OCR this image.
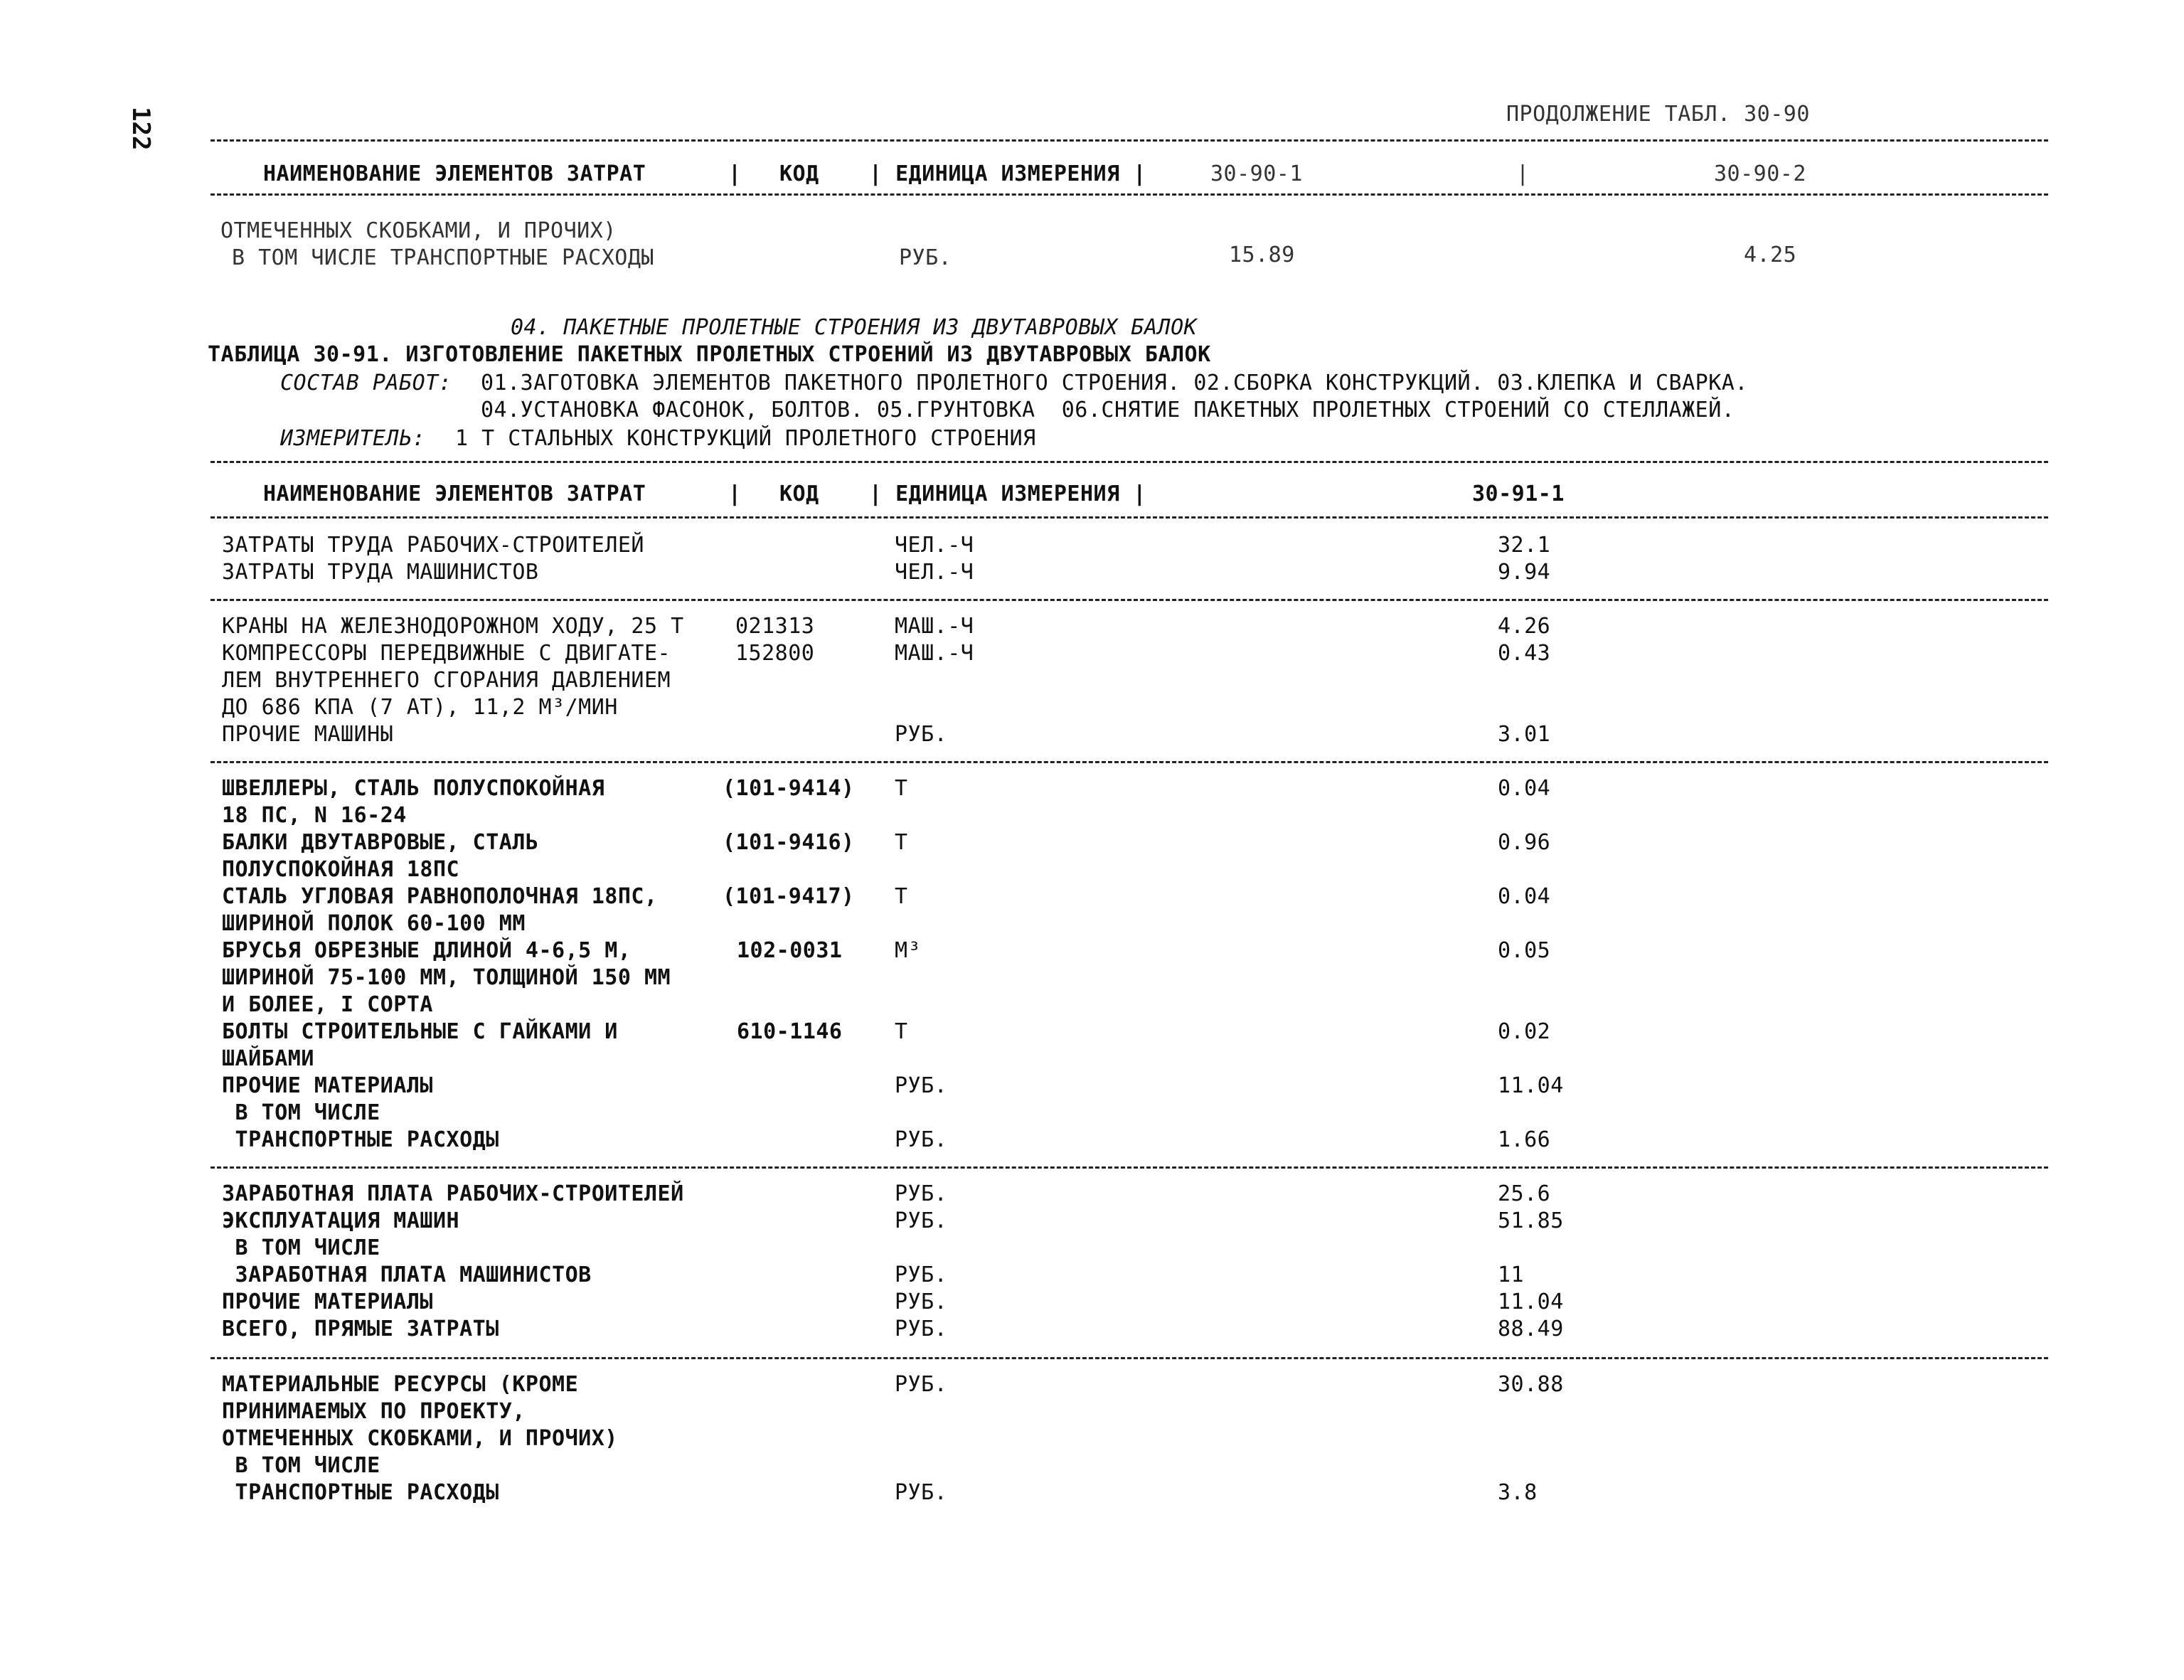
122	ПРОДОЛЖЕНИЕ ТАБЛ. 30-90
НАИМЕНОВАНИЕ ЭЛЕМЕНТОВ ЗАТРАТ	| КОД | ЕДИНИЦА ИЗМЕРЕНИЯ |	30-90-1	|	30-90-2
ОТМЕЧЕННЫХ СКОБКАМИ, И ПРОЧИХ)
В ТОМ ЧИСЛЕ ТРАНСПОРТНЫЕ РАСХОДЫ	РУБ.	15.89	4.25
04. ПАКЕТНЫЕ ПРОЛЕТНЫЕ СТРОЕНИЯ ИЗ ДВУТАВРОВЫХ БАЛОК
ТАБЛИЦА 30-91. ИЗГОТОВЛЕНИЕ ПАКЕТНЫХ ПРОЛЕТНЫХ СТРОЕНИЙ ИЗ ДВУТАВРОВЫХ БАЛОК
СОСТАВ РАБОТ: 01.ЗАГОТОВКА ЭЛЕМЕНТОВ ПАКЕТНОГО ПРОЛЕТНОГО СТРОЕНИЯ. 02.СБОРКА КОНСТРУКЦИЙ. 03.КЛЕПКА И СВАРКА.
04.УСТАНОВКА ФАСОНОК, БОЛТОВ. 05.ГРУНТОВКА  06.СНЯТИЕ ПАКЕТНЫХ ПРОЛЕТНЫХ СТРОЕНИЙ СО СТЕЛЛАЖЕЙ.
ИЗМЕРИТЕЛЬ: 1 Т СТАЛЬНЫХ КОНСТРУКЦИЙ ПРОЛЕТНОГО СТРОЕНИЯ
НАИМЕНОВАНИЕ ЭЛЕМЕНТОВ ЗАТРАТ	| КОД | ЕДИНИЦА ИЗМЕРЕНИЯ |	30-91-1
ЗАТРАТЫ ТРУДА РАБОЧИХ-СТРОИТЕЛЕЙ	ЧЕЛ.-Ч	32.1
ЗАТРАТЫ ТРУДА МАШИНИСТОВ	ЧЕЛ.-Ч	9.94
КРАНЫ НА ЖЕЛЕЗНОДОРОЖНОМ ХОДУ, 25 Т 021313	МАШ.-Ч	4.26
КОМПРЕССОРЫ ПЕРЕДВИЖНЫЕ С ДВИГАТЕ-	152800	МАШ.-Ч	0.43
ЛЕМ ВНУТРЕННЕГО СГОРАНИЯ ДАВЛЕНИЕМ
ДО 686 КПА (7 АТ), 11,2 М³/МИН
ПРОЧИЕ МАШИНЫ	РУБ.	3.01
ШВЕЛЛЕРЫ, СТАЛЬ ПОЛУСПОКОЙНАЯ	(101-9414) Т	0.04
18 ПС, N 16-24
БАЛКИ ДВУТАВРОВЫЕ, СТАЛЬ	(101-9416) Т	0.96
ПОЛУСПОКОЙНАЯ 18ПС
СТАЛЬ УГЛОВАЯ РАВНОПОЛОЧНАЯ 18ПС,	(101-9417) Т	0.04
ШИРИНОЙ ПОЛОК 60-100 ММ
БРУСЬЯ ОБРЕЗНЫЕ ДЛИНОЙ 4-6,5 М,	102-0031 М³	0.05
ШИРИНОЙ 75-100 ММ, ТОЛЩИНОЙ 150 ММ
И БОЛЕЕ, I СОРТА
БОЛТЫ СТРОИТЕЛЬНЫЕ С ГАЙКАМИ И	610-1146 Т	0.02
ШАЙБАМИ
ПРОЧИЕ МАТЕРИАЛЫ	РУБ.	11.04
В ТОМ ЧИСЛЕ
ТРАНСПОРТНЫЕ РАСХОДЫ	РУБ.	1.66
ЗАРАБОТНАЯ ПЛАТА РАБОЧИХ-СТРОИТЕЛЕЙ	РУБ.	25.6
ЭКСПЛУАТАЦИЯ МАШИН	РУБ.	51.85
В ТОМ ЧИСЛЕ
ЗАРАБОТНАЯ ПЛАТА МАШИНИСТОВ	РУБ.	11
ПРОЧИЕ МАТЕРИАЛЫ	РУБ.	11.04
ВСЕГО, ПРЯМЫЕ ЗАТРАТЫ	РУБ.	88.49
МАТЕРИАЛЬНЫЕ РЕСУРСЫ (КРОМЕ	РУБ.	30.88
ПРИНИМАЕМЫХ ПО ПРОЕКТУ,
ОТМЕЧЕННЫХ СКОБКАМИ, И ПРОЧИХ)
В ТОМ ЧИСЛЕ
ТРАНСПОРТНЫЕ РАСХОДЫ	РУБ.	3.8
